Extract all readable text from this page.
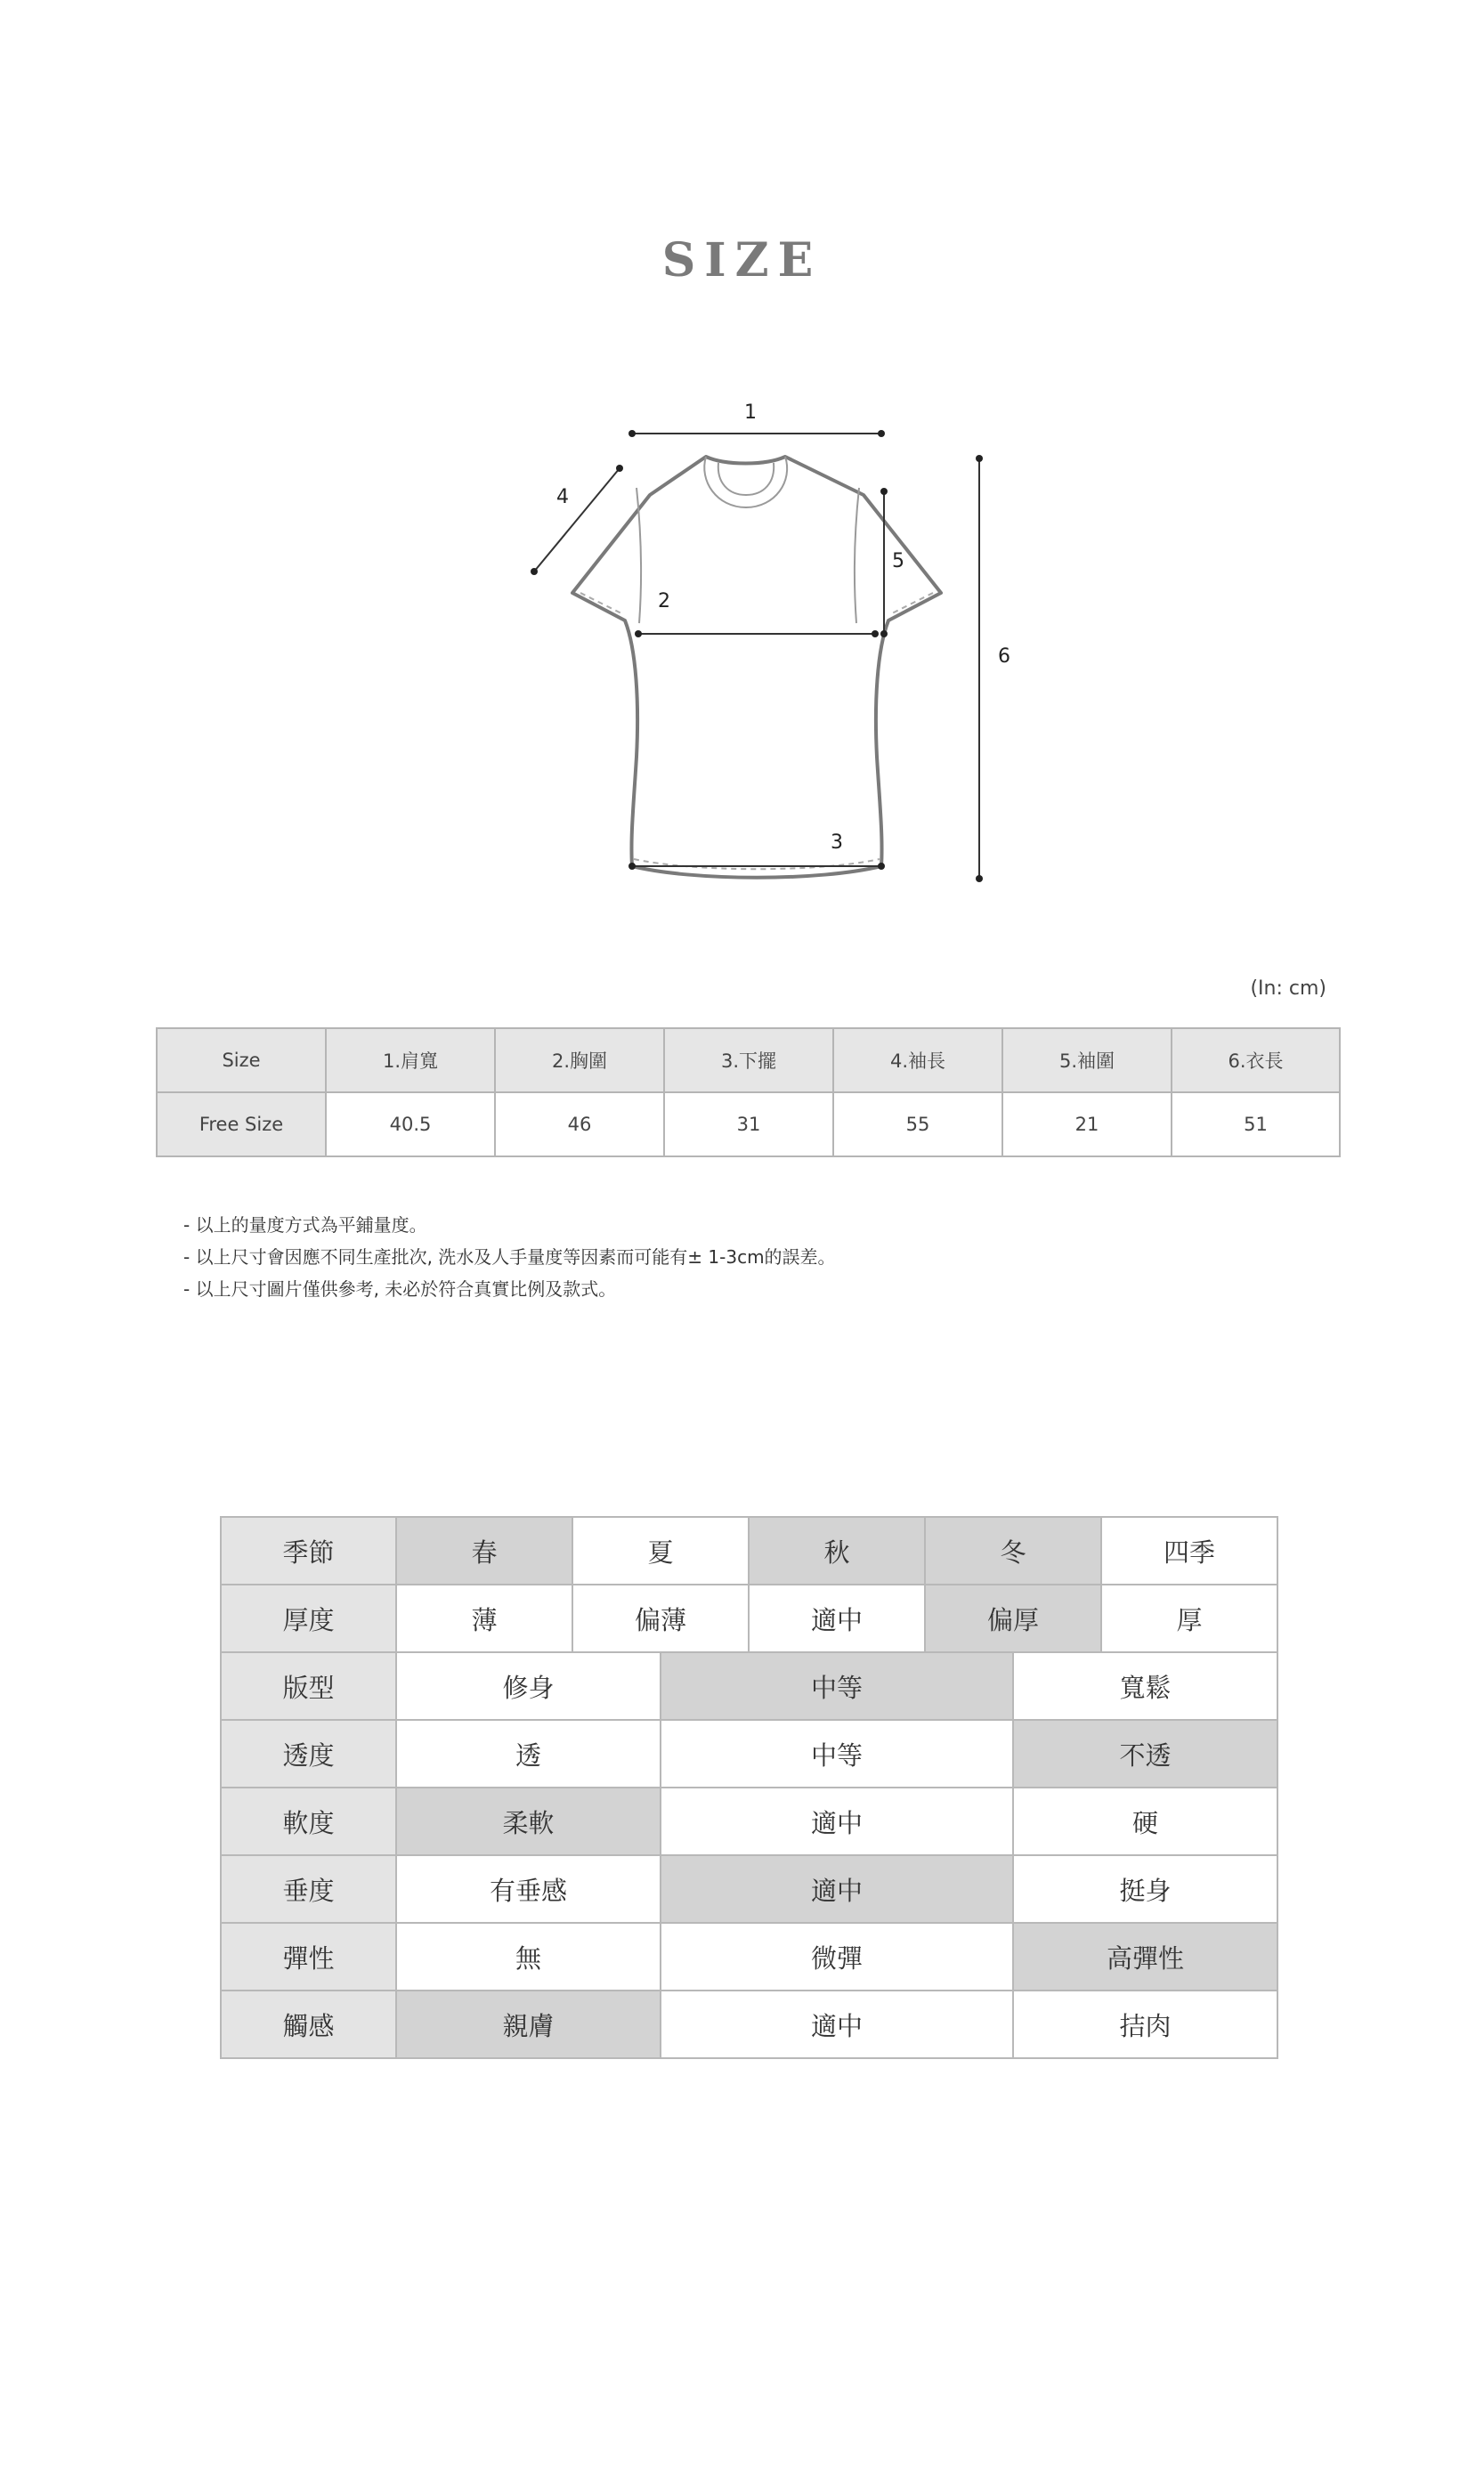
SIZE
1
2
3
4
5
6
(In: cm)
Size	1.肩寬	2.胸圍	3.下擺	4.袖長	5.袖圍	6.衣長
Free Size	40.5	46	31	55	21	51
- 以上的量度方式為平鋪量度。
- 以上尺寸會因應不同生產批次, 洗水及人手量度等因素而可能有± 1-3cm的誤差。
- 以上尺寸圖片僅供參考, 未必於符合真實比例及款式。
季節	春	夏		秋	冬		四季
厚度	薄	偏薄		適中	偏厚		厚
版型	修身		中等			寬鬆	
透度	透		中等			不透	
軟度	柔軟		適中			硬	
垂度	有垂感		適中			挺身	
彈性	無		微彈			高彈性	
觸感	親膚		適中			拮肉	
